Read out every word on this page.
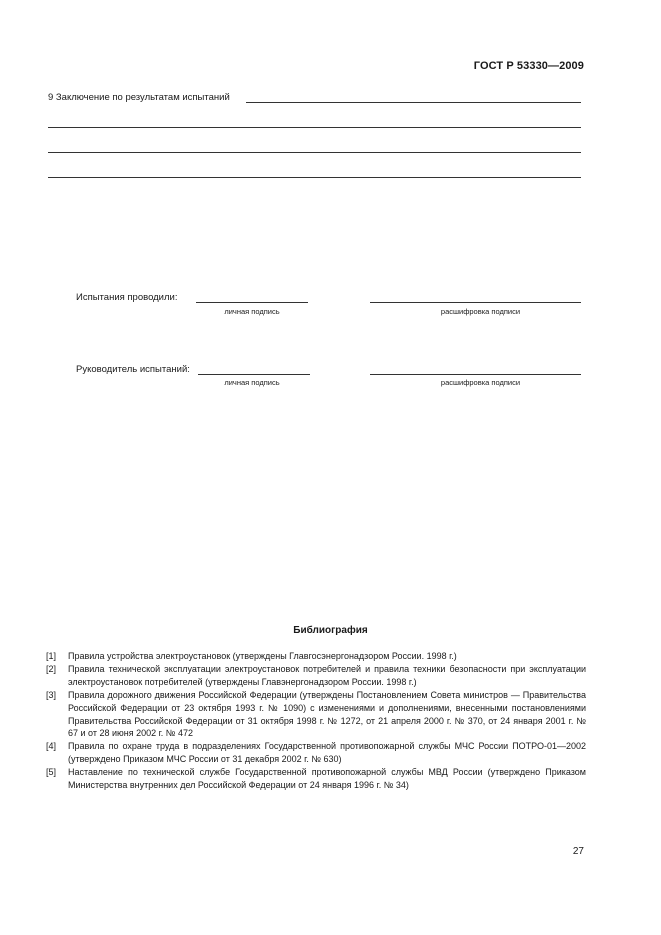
ГОСТ Р 53330—2009
9 Заключение по результатам испытаний
Испытания проводили:
личная подпись	расшифровка подписи
Руководитель испытаний:
личная подпись	расшифровка подписи
Библиография
[1]	Правила устройства электроустановок (утверждены Главгосэнергонадзором России. 1998 г.)
[2]	Правила технической эксплуатации электроустановок потребителей и правила техники безопасности при эксплуатации электроустановок потребителей (утверждены Главэнергонадзором России. 1998 г.)
[3]	Правила дорожного движения Российской Федерации (утверждены Постановлением Совета министров — Правительства Российской Федерации от 23 октября 1993 г. № 1090) с изменениями и дополнениями, внесенными постановлениями Правительства Российской Федерации от 31 октября 1998 г. № 1272, от 21 апреля 2000 г. № 370, от 24 января 2001 г. № 67 и от 28 июня 2002 г. № 472
[4]	Правила по охране труда в подразделениях Государственной противопожарной службы МЧС России ПОТРО-01—2002 (утверждено Приказом МЧС России от 31 декабря 2002 г. № 630)
[5]	Наставление по технической службе Государственной противопожарной службы МВД России (утверждено Приказом Министерства внутренних дел Российской Федерации от 24 января 1996 г. № 34)
27
